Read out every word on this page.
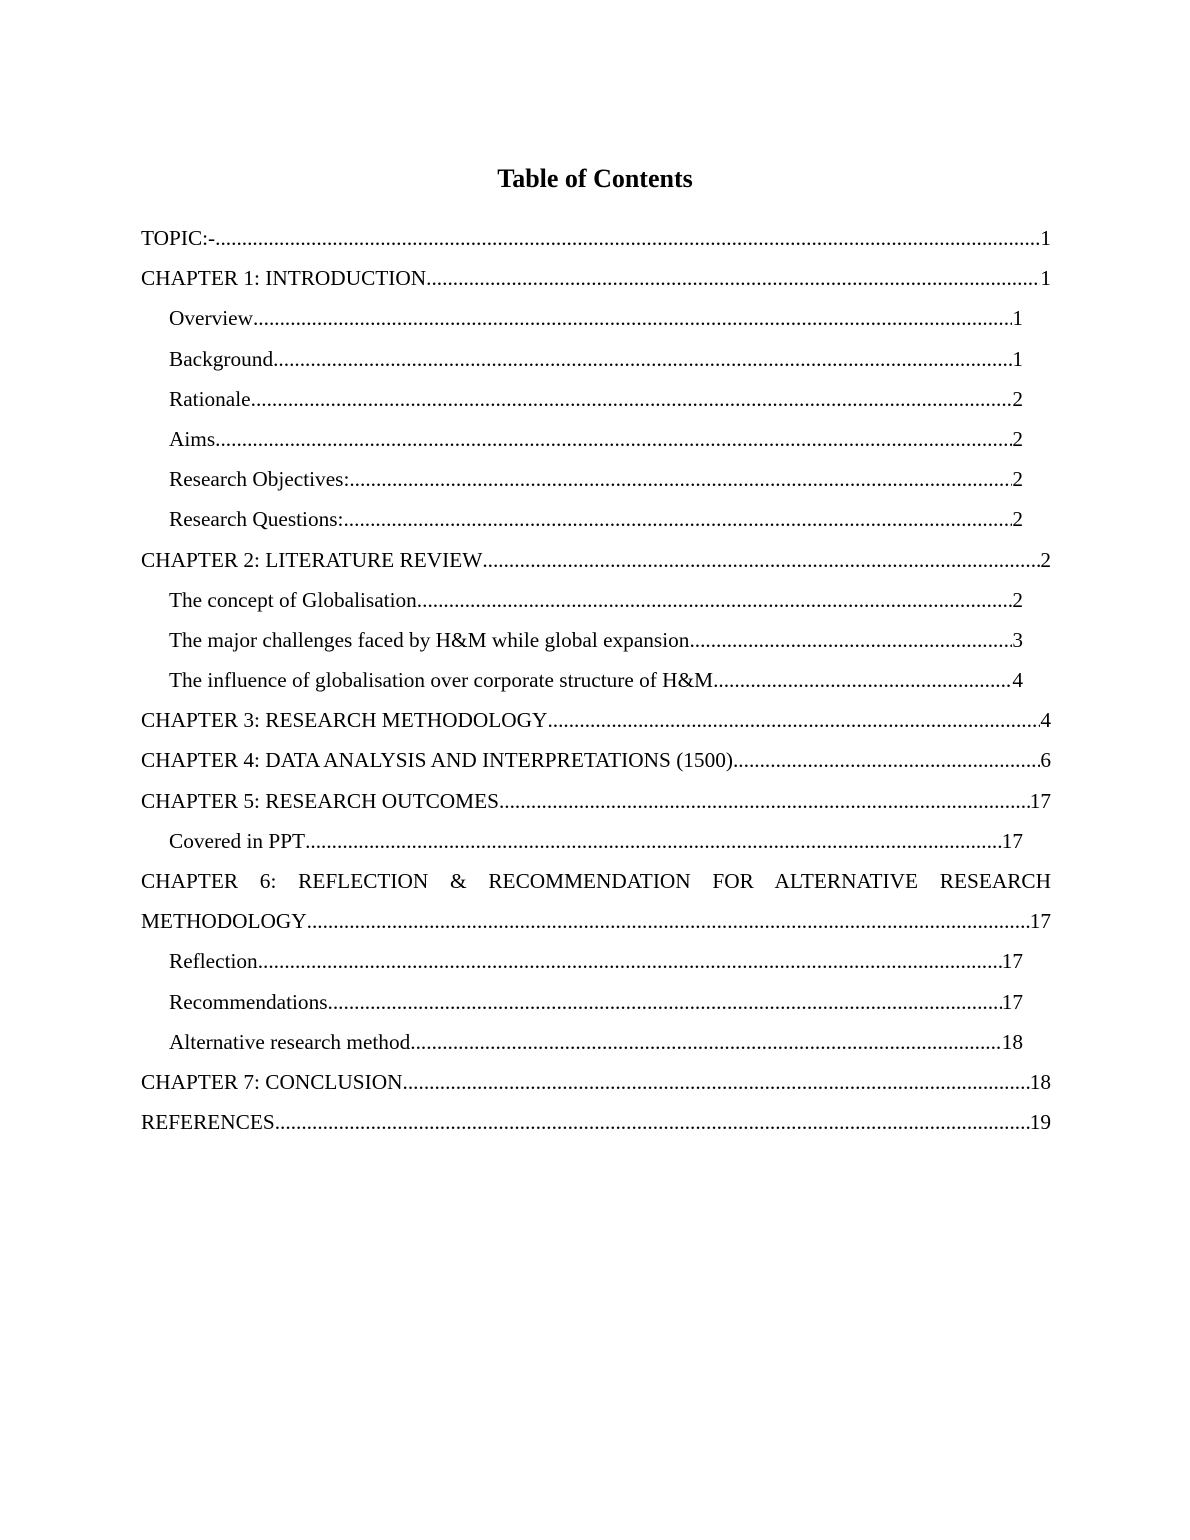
Table of Contents
TOPIC:- .....	1
CHAPTER 1: INTRODUCTION .....	1
Overview .....	1
Background .....	1
Rationale .....	2
Aims .....	2
Research Objectives: .....	2
Research Questions: .....	2
CHAPTER 2: LITERATURE REVIEW .....	2
The concept of Globalisation .....	2
The major challenges faced by H&M while global expansion .....	3
The influence of globalisation over corporate structure of H&M .....	4
CHAPTER 3: RESEARCH METHODOLOGY .....	4
CHAPTER 4: DATA ANALYSIS AND INTERPRETATIONS (1500) .....	6
CHAPTER 5: RESEARCH OUTCOMES .....	17
Covered in PPT .....	17
CHAPTER 6: REFLECTION & RECOMMENDATION FOR ALTERNATIVE RESEARCH
METHODOLOGY .....	17
Reflection .....	17
Recommendations .....	17
Alternative research method .....	18
CHAPTER 7: CONCLUSION .....	18
REFERENCES .....	19
